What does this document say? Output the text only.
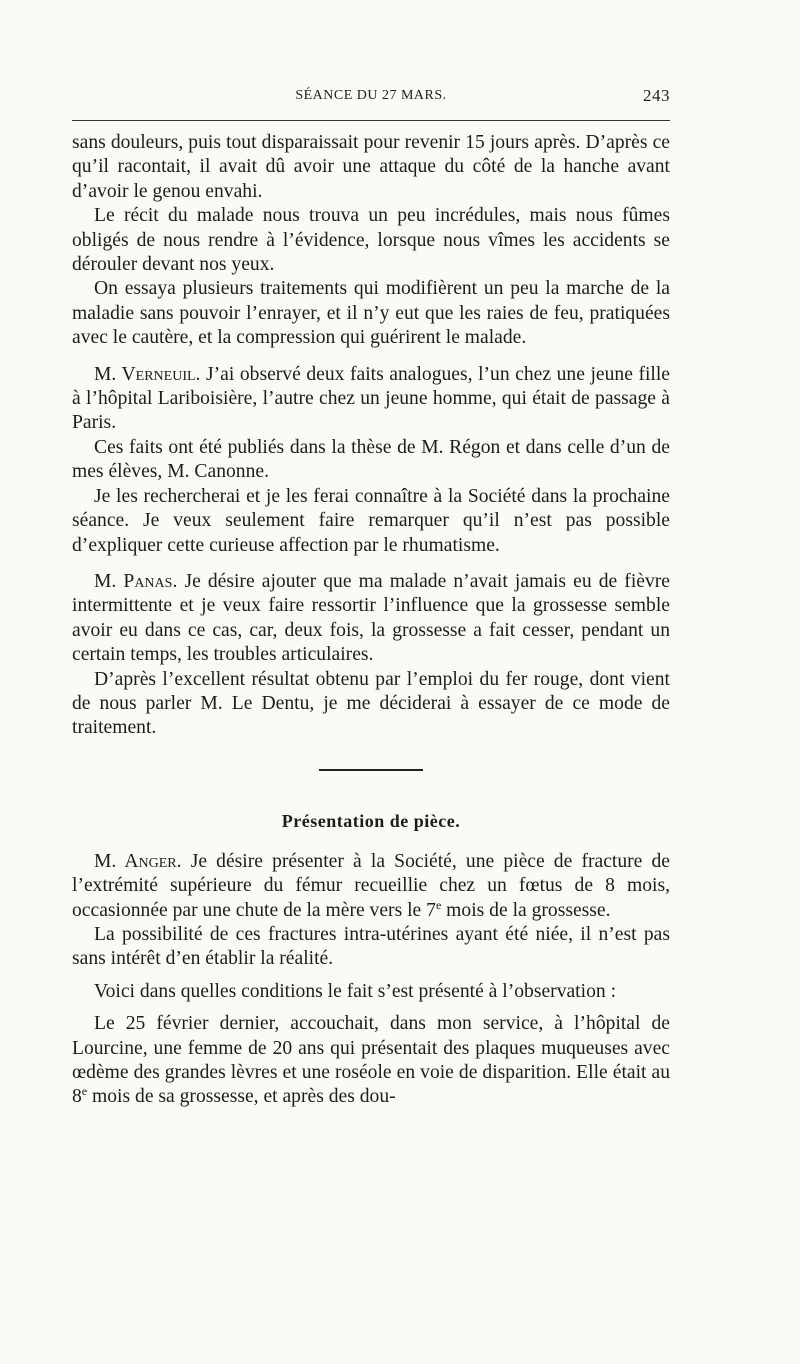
SÉANCE DU 27 MARS.	243

sans douleurs, puis tout disparaissait pour revenir 15 jours après. D’après ce qu’il racontait, il avait dû avoir une attaque du côté de la hanche avant d’avoir le genou envahi.

Le récit du malade nous trouva un peu incrédules, mais nous fûmes obligés de nous rendre à l’évidence, lorsque nous vîmes les accidents se dérouler devant nos yeux.

On essaya plusieurs traitements qui modifièrent un peu la marche de la maladie sans pouvoir l’enrayer, et il n’y eut que les raies de feu, pratiquées avec le cautère, et la compression qui guérirent le malade.

M. Verneuil. J’ai observé deux faits analogues, l’un chez une jeune fille à l’hôpital Lariboisière, l’autre chez un jeune homme, qui était de passage à Paris.

Ces faits ont été publiés dans la thèse de M. Régon et dans celle d’un de mes élèves, M. Canonne.

Je les rechercherai et je les ferai connaître à la Société dans la prochaine séance. Je veux seulement faire remarquer qu’il n’est pas possible d’expliquer cette curieuse affection par le rhumatisme.

M. Panas. Je désire ajouter que ma malade n’avait jamais eu de fièvre intermittente et je veux faire ressortir l’influence que la grossesse semble avoir eu dans ce cas, car, deux fois, la grossesse a fait cesser, pendant un certain temps, les troubles articulaires.

D’après l’excellent résultat obtenu par l’emploi du fer rouge, dont vient de nous parler M. Le Dentu, je me déciderai à essayer de ce mode de traitement.

Présentation de pièce.

M. Anger. Je désire présenter à la Société, une pièce de fracture de l’extrémité supérieure du fémur recueillie chez un fœtus de 8 mois, occasionnée par une chute de la mère vers le 7e mois de la grossesse.

La possibilité de ces fractures intra-utérines ayant été niée, il n’est pas sans intérêt d’en établir la réalité.

Voici dans quelles conditions le fait s’est présenté à l’observation :

Le 25 février dernier, accouchait, dans mon service, à l’hôpital de Lourcine, une femme de 20 ans qui présentait des plaques muqueuses avec œdème des grandes lèvres et une roséole en voie de disparition. Elle était au 8e mois de sa grossesse, et après des dou-
